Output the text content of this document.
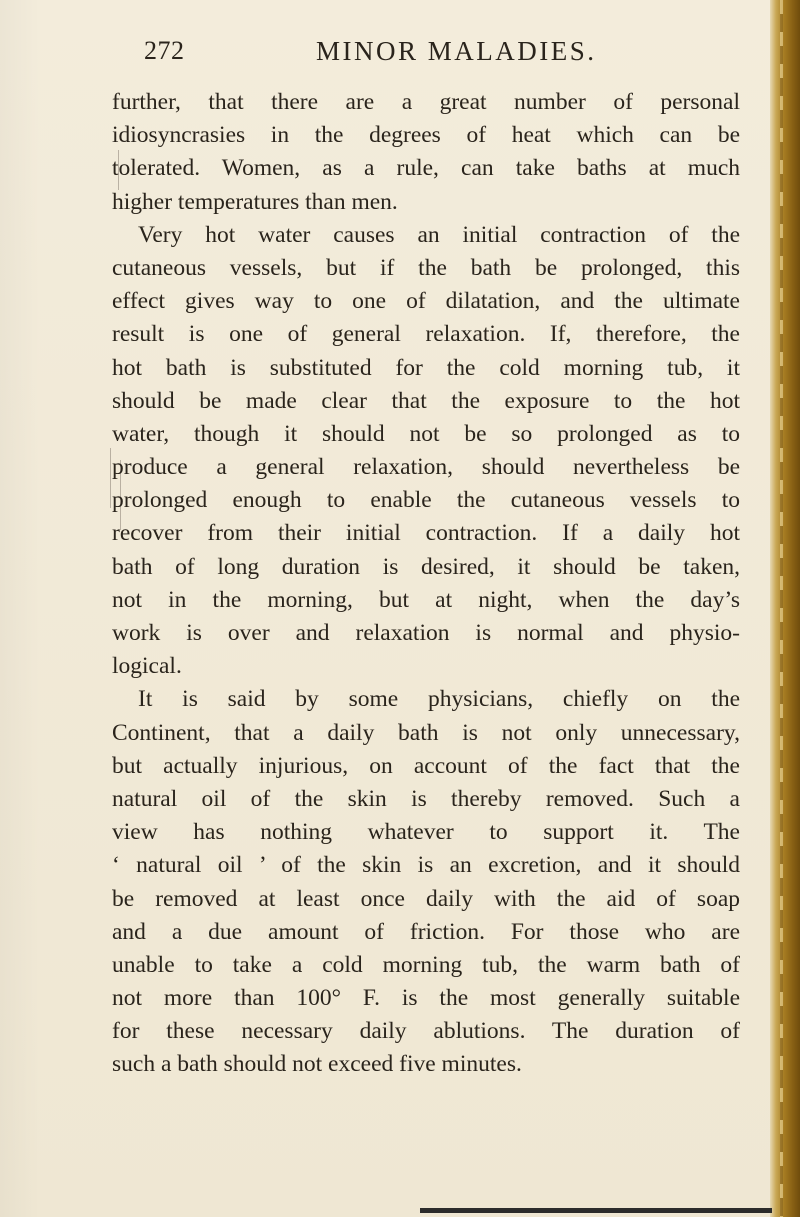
272	MINOR MALADIES.
further, that there are a great number of personal
idiosyncrasies in the degrees of heat which can be
tolerated. Women, as a rule, can take baths at much
higher temperatures than men.
Very hot water causes an initial contraction of the
cutaneous vessels, but if the bath be prolonged, this
effect gives way to one of dilatation, and the ultimate
result is one of general relaxation. If, therefore, the
hot bath is substituted for the cold morning tub, it
should be made clear that the exposure to the hot
water, though it should not be so prolonged as to
produce a general relaxation, should nevertheless be
prolonged enough to enable the cutaneous vessels to
recover from their initial contraction. If a daily hot
bath of long duration is desired, it should be taken,
not in the morning, but at night, when the day’s
work is over and relaxation is normal and physio-
logical.
It is said by some physicians, chiefly on the
Continent, that a daily bath is not only unnecessary,
but actually injurious, on account of the fact that the
natural oil of the skin is thereby removed. Such a
view has nothing whatever to support it. The
‘ natural oil ’ of the skin is an excretion, and it should
be removed at least once daily with the aid of soap
and a due amount of friction. For those who are
unable to take a cold morning tub, the warm bath of
not more than 100° F. is the most generally suitable
for these necessary daily ablutions. The duration of
such a bath should not exceed five minutes.
